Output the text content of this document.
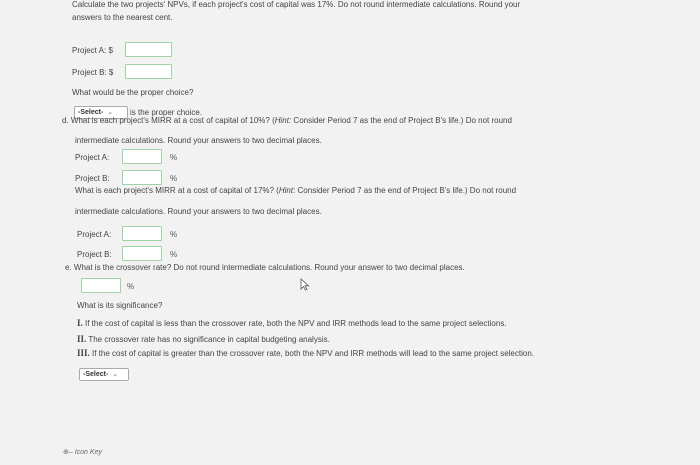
Calculate the two projects' NPVs, if each project's cost of capital was 17%. Do not round intermediate calculations. Round your
answers to the nearest cent.
Project A: $
Project B: $
What would be the proper choice?
-Select- ⌄	is the proper choice.
d. What is each project's MIRR at a cost of capital of 10%? (Hint: Consider Period 7 as the end of Project B's life.) Do not round
intermediate calculations. Round your answers to two decimal places.
Project A:	%
Project B:	%
What is each project's MIRR at a cost of capital of 17%? (Hint: Consider Period 7 as the end of Project B's life.) Do not round
intermediate calculations. Round your answers to two decimal places.
Project A:	%
Project B:	%
e. What is the crossover rate? Do not round intermediate calculations. Round your answer to two decimal places.
%
What is its significance?
I. If the cost of capital is less than the crossover rate, both the NPV and IRR methods lead to the same project selections.
II. The crossover rate has no significance in capital budgeting analysis.
III. If the cost of capital is greater than the crossover rate, both the NPV and IRR methods will lead to the same project selection.
-Select- ⌄
⊕‒ Icon Key
